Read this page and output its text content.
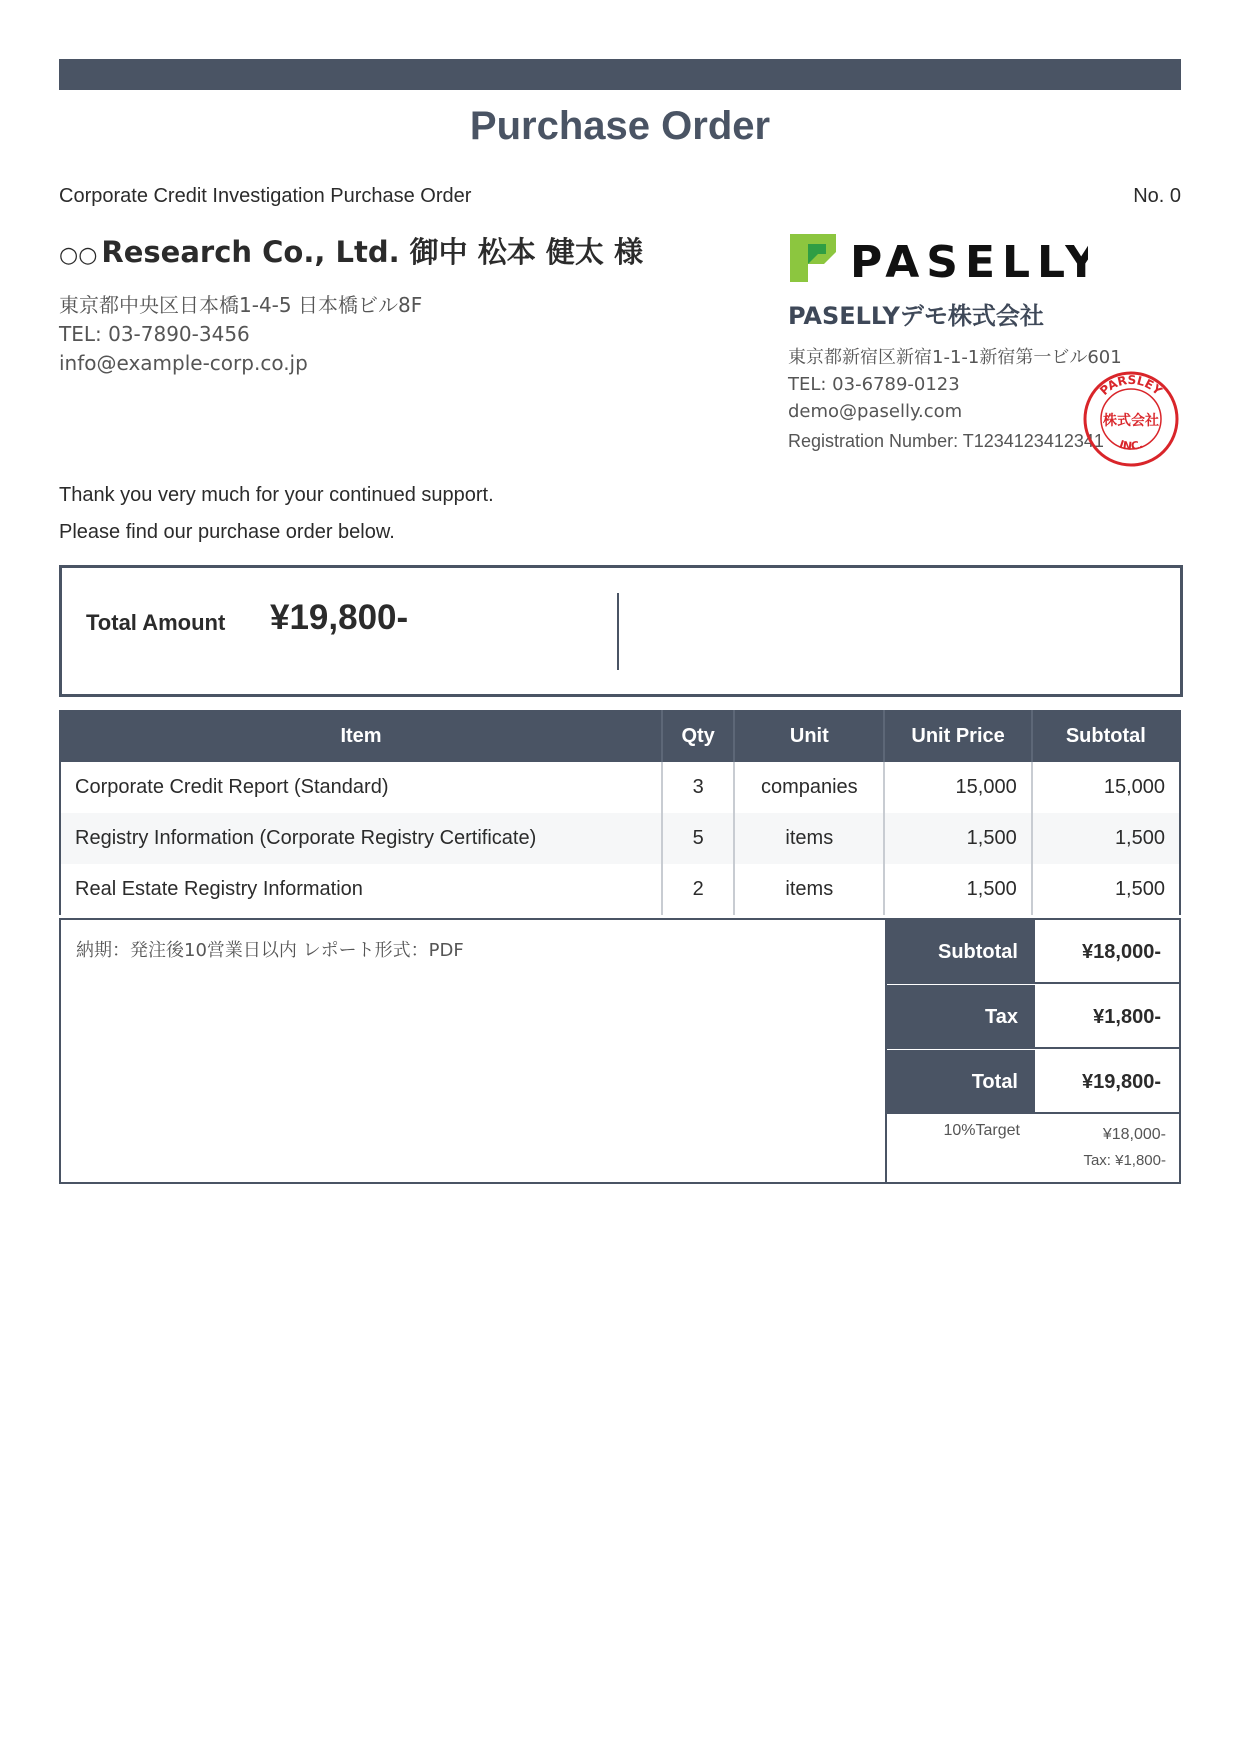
Purchase Order
Corporate Credit Investigation Purchase Order	No. 0
○○ Research Co., Ltd. 御中 松本 健太 様
東京都中央区日本橋1-4-5 日本橋ビル8F
TEL: 03-7890-3456
info@example-corp.co.jp
PASELLY
PASELLYデモ株式会社
東京都新宿区新宿1-1-1新宿第一ビル601
TEL: 03-6789-0123
demo@paselly.com
Registration Number: T1234123412341
PARSLEY
INC.
株式会社
Thank you very much for your continued support.
Please find our purchase order below.
Total Amount ¥19,800-
Item	Qty	Unit	Unit Price	Subtotal
Corporate Credit Report (Standard)	3	companies	15,000	15,000
Registry Information (Corporate Registry Certificate)	5	items	1,500	1,500
Real Estate Registry Information	2	items	1,500	1,500
納期：発注後10営業日以内 レポート形式：PDF	Subtotal	¥18,000-
Tax	¥1,800-
Total	¥19,800-
10%Target	¥18,000-
Tax: ¥1,800-
